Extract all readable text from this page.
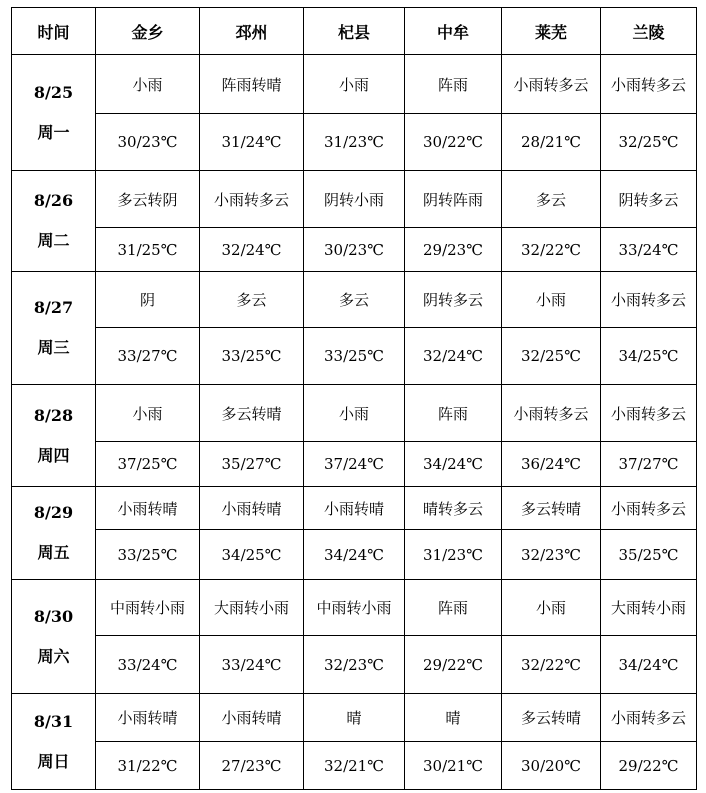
时间	金乡	邳州	杞县	中牟	莱芜	兰陵

8/25
周一	小雨	阵雨转晴	小雨	阵雨	小雨转多云	小雨转多云
	30/23℃	31/24℃	31/23℃	30/22℃	28/21℃	32/25℃

8/26
周二	多云转阴	小雨转多云	阴转小雨	阴转阵雨	多云	阴转多云
	31/25℃	32/24℃	30/23℃	29/23℃	32/22℃	33/24℃

8/27
周三	阴	多云	多云	阴转多云	小雨	小雨转多云
	33/27℃	33/25℃	33/25℃	32/24℃	32/25℃	34/25℃

8/28
周四	小雨	多云转晴	小雨	阵雨	小雨转多云	小雨转多云
	37/25℃	35/27℃	37/24℃	34/24℃	36/24℃	37/27℃

8/29
周五	小雨转晴	小雨转晴	小雨转晴	晴转多云	多云转晴	小雨转多云
	33/25℃	34/25℃	34/24℃	31/23℃	32/23℃	35/25℃

8/30
周六	中雨转小雨	大雨转小雨	中雨转小雨	阵雨	小雨	大雨转小雨
	33/24℃	33/24℃	32/23℃	29/22℃	32/22℃	34/24℃

8/31
周日	小雨转晴	小雨转晴	晴	晴	多云转晴	小雨转多云
	31/22℃	27/23℃	32/21℃	30/21℃	30/20℃	29/22℃
